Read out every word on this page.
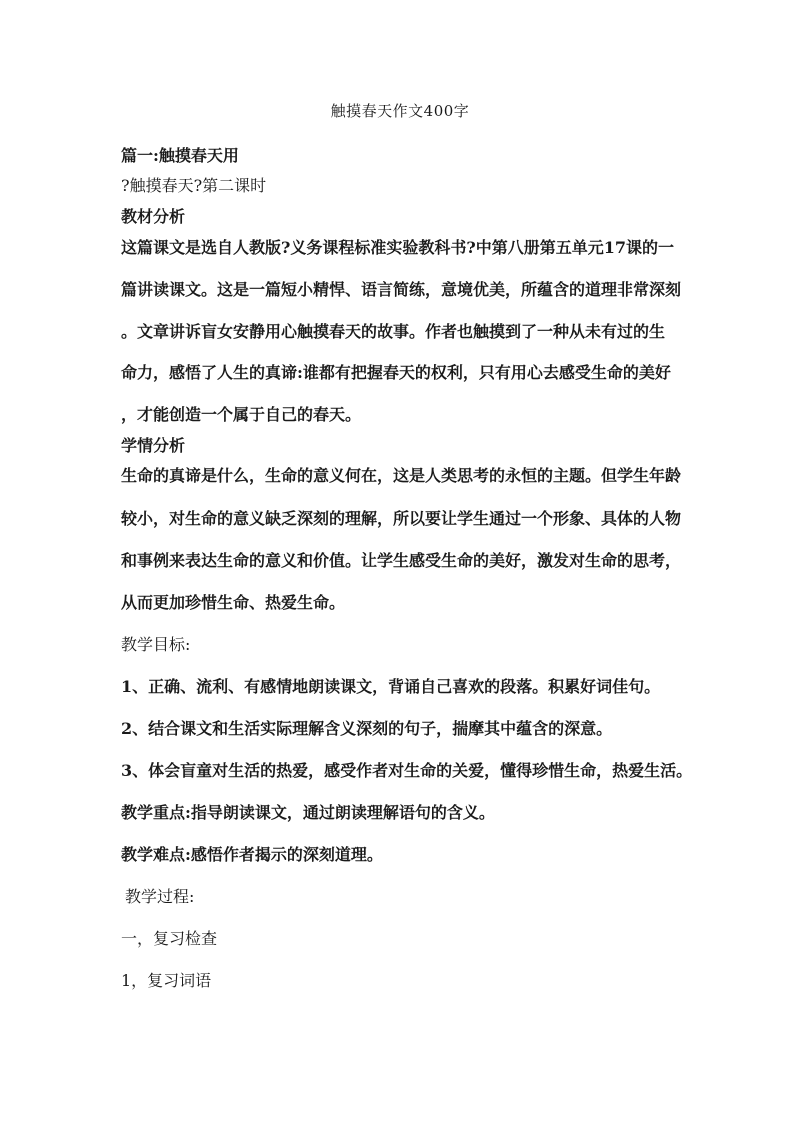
触摸春天作文400字
篇一:触摸春天用
?触摸春天?第二课时
教材分析
这篇课文是选自人教版?义务课程标准实验教科书?中第八册第五单元17课的一
篇讲读课文。这是一篇短小精悍、语言简练，意境优美，所蕴含的道理非常深刻
。文章讲诉盲女安静用心触摸春天的故事。作者也触摸到了一种从未有过的生
命力，感悟了人生的真谛:谁都有把握春天的权利，只有用心去感受生命的美好
，才能创造一个属于自己的春天。
学情分析
生命的真谛是什么，生命的意义何在，这是人类思考的永恒的主题。但学生年龄
较小，对生命的意义缺乏深刻的理解，所以要让学生通过一个形象、具体的人物
和事例来表达生命的意义和价值。让学生感受生命的美好，激发对生命的思考，
从而更加珍惜生命、热爱生命。
教学目标:
1、正确、流利、有感情地朗读课文，背诵自己喜欢的段落。积累好词佳句。
2、结合课文和生活实际理解含义深刻的句子，揣摩其中蕴含的深意。
3、体会盲童对生活的热爱，感受作者对生命的关爱，懂得珍惜生命，热爱生活。
教学重点:指导朗读课文，通过朗读理解语句的含义。
教学难点:感悟作者揭示的深刻道理。
教学过程:
一，复习检查
1，复习词语
